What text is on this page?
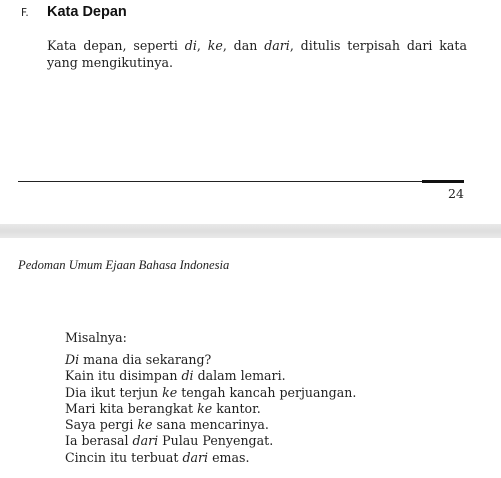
F. Kata Depan
Kata depan, seperti di, ke, dan dari, ditulis terpisah dari kata
yang mengikutinya.
24
Pedoman Umum Ejaan Bahasa Indonesia
Misalnya:
Di mana dia sekarang?
Kain itu disimpan di dalam lemari.
Dia ikut terjun ke tengah kancah perjuangan.
Mari kita berangkat ke kantor.
Saya pergi ke sana mencarinya.
Ia berasal dari Pulau Penyengat.
Cincin itu terbuat dari emas.
